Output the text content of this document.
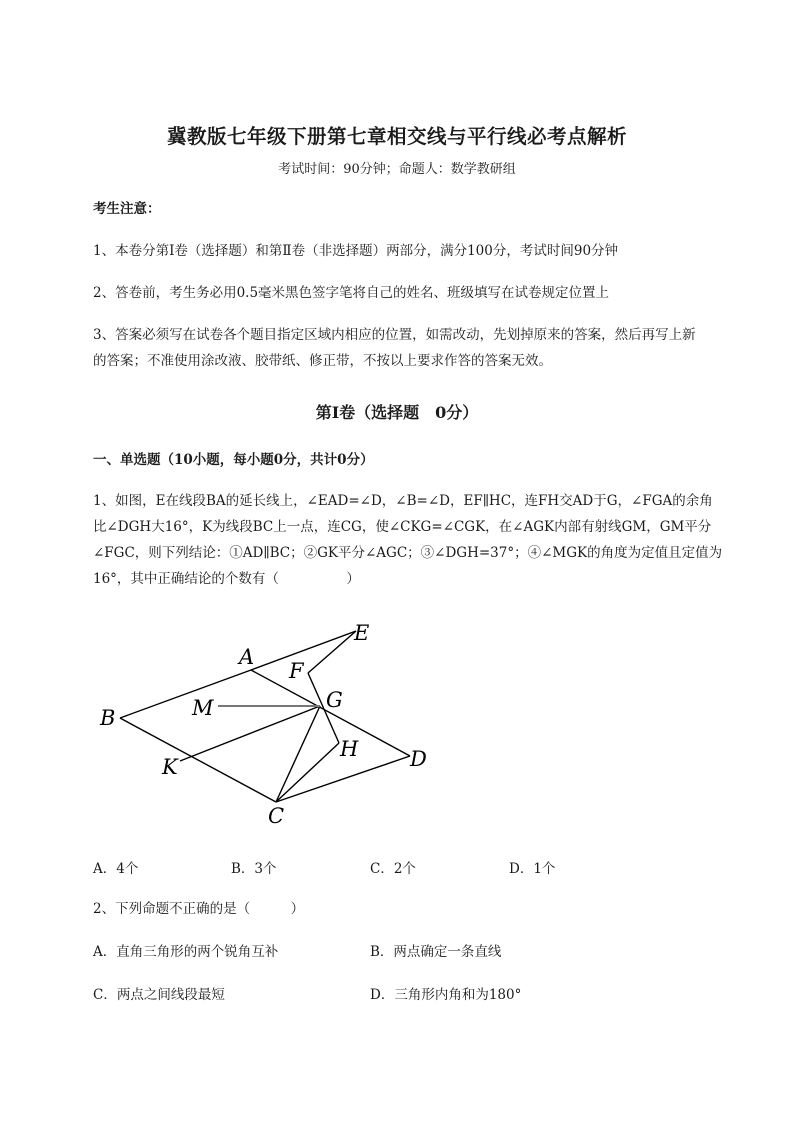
冀教版七年级下册第七章相交线与平行线必考点解析
考试时间：90分钟；命题人：数学教研组
考生注意：
1、本卷分第I卷（选择题）和第Ⅱ卷（非选择题）两部分，满分100分，考试时间90分钟
2、答卷前，考生务必用0.5毫米黑色签字笔将自己的姓名、班级填写在试卷规定位置上
3、答案必须写在试卷各个题目指定区域内相应的位置，如需改动，先划掉原来的答案，然后再写上新
的答案；不准使用涂改液、胶带纸、修正带，不按以上要求作答的答案无效。
第I卷（选择题　0分）
一、单选题（10小题，每小题0分，共计0分）
1、如图，E在线段BA的延长线上，∠EAD=∠D，∠B=∠D，EF∥HC，连FH交AD于G，∠FGA的余角
比∠DGH大16°，K为线段BC上一点，连CG，使∠CKG=∠CGK，在∠AGK内部有射线GM，GM平分
∠FGC，则下列结论：①AD∥BC；②GK平分∠AGC；③∠DGH=37°；④∠MGK的角度为定值且定值为
16°，其中正确结论的个数有（　　　　　）
A
E
F
M	G
B
H D
K
C
A．4个	B．3个	C．2个	D．1个
2、下列命题不正确的是（　　　）
A．直角三角形的两个锐角互补	B．两点确定一条直线
C．两点之间线段最短	D．三角形内角和为180°
